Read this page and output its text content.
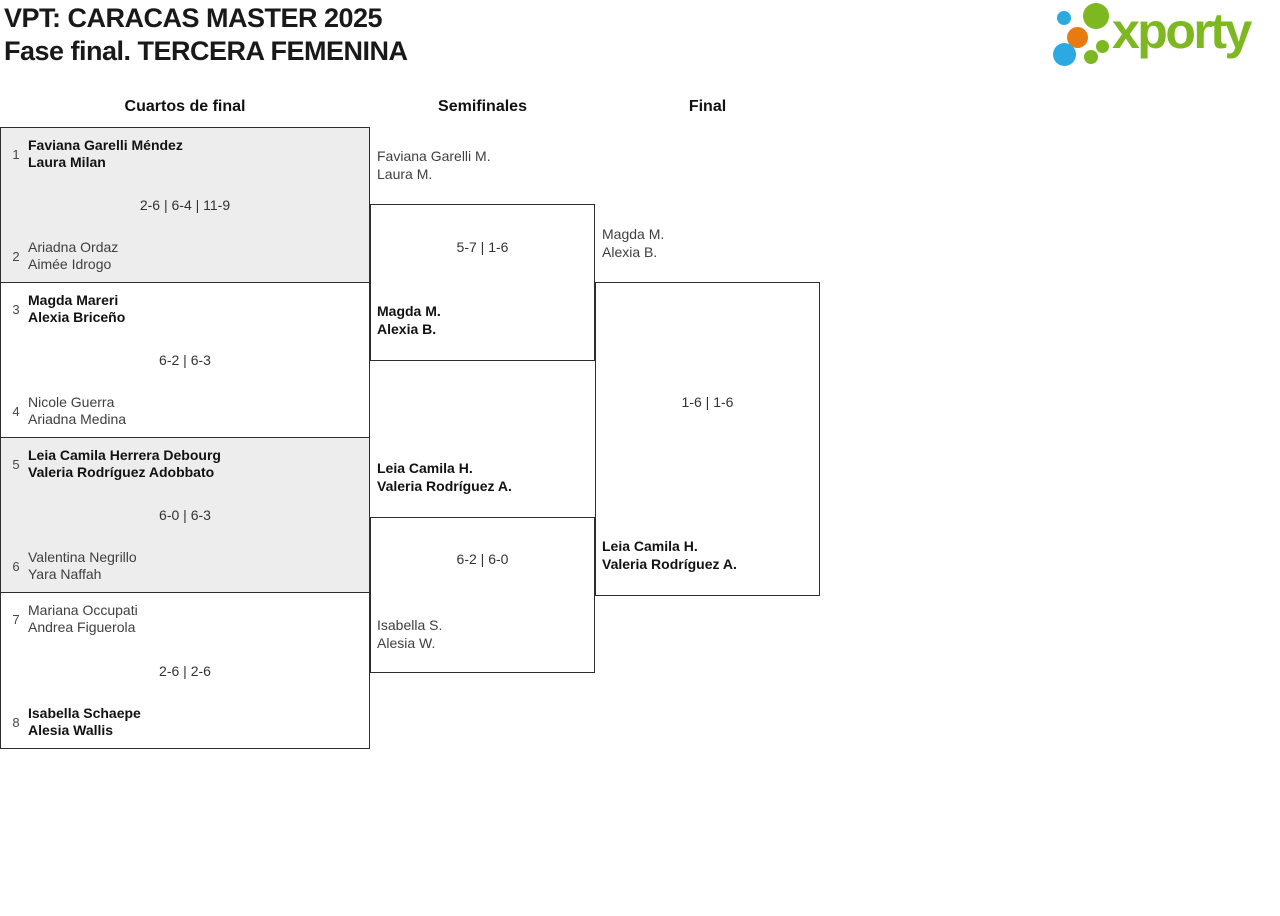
VPT: CARACAS MASTER 2025
Fase final. TERCERA FEMENINA	xporty
Cuartos de final	Semifinales	Final
1
Faviana Garelli Méndez
Laura Milan
2-6 | 6-4 | 11-9
2
Ariadna Ordaz
Aimée Idrogo
3
Magda Mareri
Alexia Briceño
6-2 | 6-3
4
Nicole Guerra
Ariadna Medina
5
Leia Camila Herrera Debourg
Valeria Rodríguez Adobbato
6-0 | 6-3
6
Valentina Negrillo
Yara Naffah
7
Mariana Occupati
Andrea Figuerola
2-6 | 2-6
8
Isabella Schaepe
Alesia Wallis
5-7 | 1-6
6-2 | 6-0
1-6 | 1-6
Faviana Garelli M.
Laura M.
Magda M.
Alexia B.
Leia Camila H.
Valeria Rodríguez A.
Isabella S.
Alesia W.
Magda M.
Alexia B.
Leia Camila H.
Valeria Rodríguez A.
